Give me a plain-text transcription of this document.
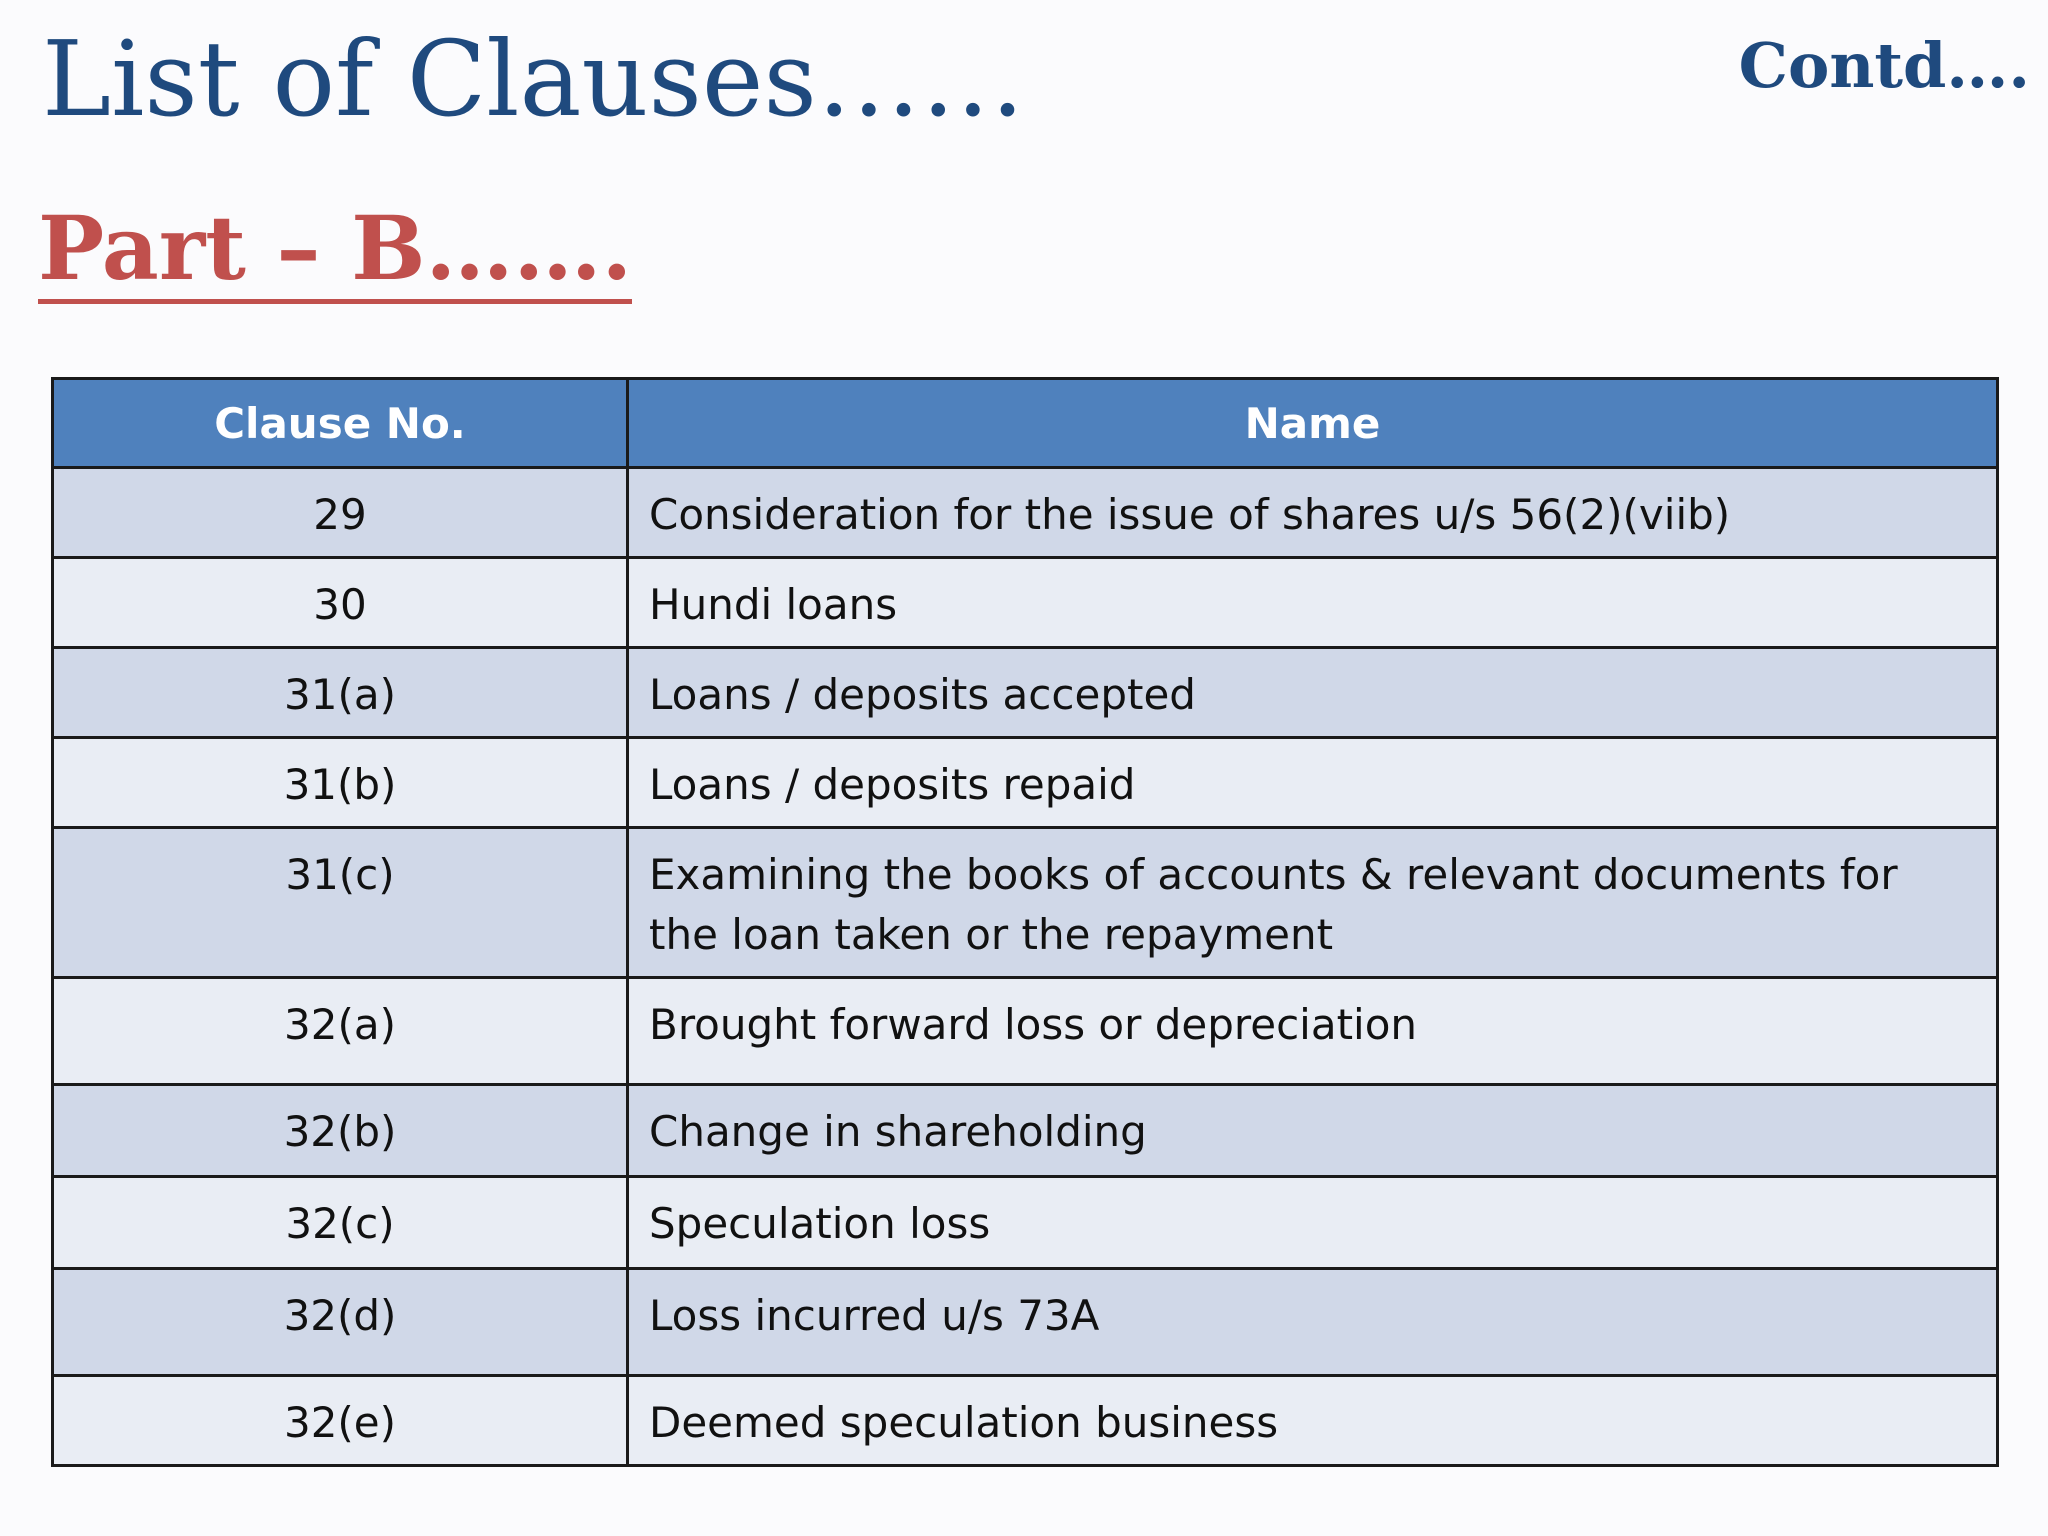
List of Clauses……	Contd….
Part – B…….
Clause No.	Name
29	Consideration for the issue of shares u/s 56(2)(viib)
30	Hundi loans
31(a)	Loans / deposits accepted
31(b)	Loans / deposits repaid
31(c)	Examining the books of accounts & relevant documents for the loan taken or the repayment
32(a)	Brought forward loss or depreciation
32(b)	Change in shareholding
32(c)	Speculation loss
32(d)	Loss incurred u/s 73A
32(e)	Deemed speculation business
